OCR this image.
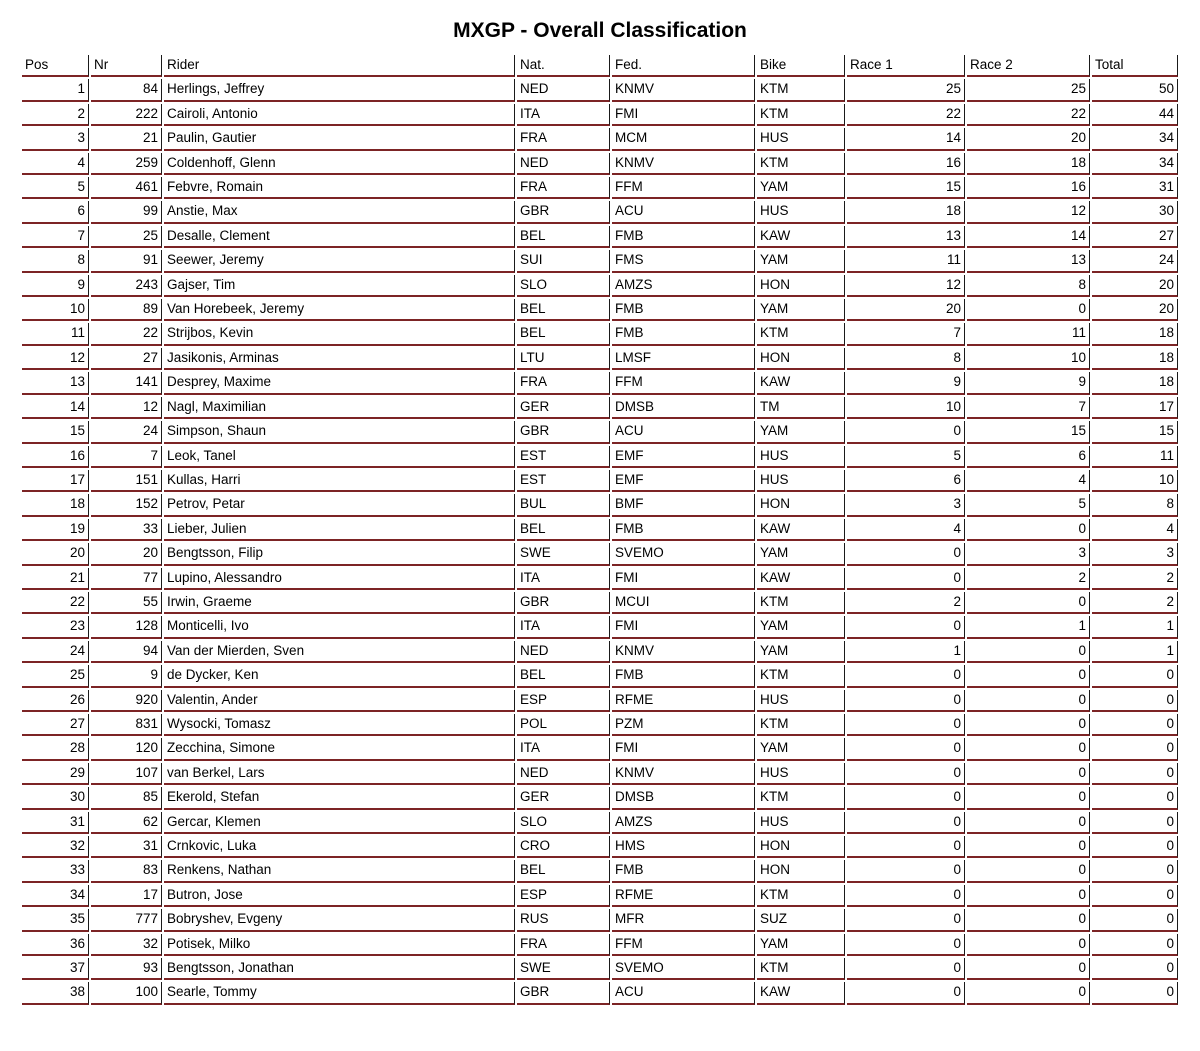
MXGP - Overall Classification
Pos	Nr	Rider	Nat.	Fed.	Bike	Race 1	Race 2	Total
1	84	Herlings, Jeffrey	NED	KNMV	KTM	25	25	50
2	222	Cairoli, Antonio	ITA	FMI	KTM	22	22	44
3	21	Paulin, Gautier	FRA	MCM	HUS	14	20	34
4	259	Coldenhoff, Glenn	NED	KNMV	KTM	16	18	34
5	461	Febvre, Romain	FRA	FFM	YAM	15	16	31
6	99	Anstie, Max	GBR	ACU	HUS	18	12	30
7	25	Desalle, Clement	BEL	FMB	KAW	13	14	27
8	91	Seewer, Jeremy	SUI	FMS	YAM	11	13	24
9	243	Gajser, Tim	SLO	AMZS	HON	12	8	20
10	89	Van Horebeek, Jeremy	BEL	FMB	YAM	20	0	20
11	22	Strijbos, Kevin	BEL	FMB	KTM	7	11	18
12	27	Jasikonis, Arminas	LTU	LMSF	HON	8	10	18
13	141	Desprey, Maxime	FRA	FFM	KAW	9	9	18
14	12	Nagl, Maximilian	GER	DMSB	TM	10	7	17
15	24	Simpson, Shaun	GBR	ACU	YAM	0	15	15
16	7	Leok, Tanel	EST	EMF	HUS	5	6	11
17	151	Kullas, Harri	EST	EMF	HUS	6	4	10
18	152	Petrov, Petar	BUL	BMF	HON	3	5	8
19	33	Lieber, Julien	BEL	FMB	KAW	4	0	4
20	20	Bengtsson, Filip	SWE	SVEMO	YAM	0	3	3
21	77	Lupino, Alessandro	ITA	FMI	KAW	0	2	2
22	55	Irwin, Graeme	GBR	MCUI	KTM	2	0	2
23	128	Monticelli, Ivo	ITA	FMI	YAM	0	1	1
24	94	Van der Mierden, Sven	NED	KNMV	YAM	1	0	1
25	9	de Dycker, Ken	BEL	FMB	KTM	0	0	0
26	920	Valentin, Ander	ESP	RFME	HUS	0	0	0
27	831	Wysocki, Tomasz	POL	PZM	KTM	0	0	0
28	120	Zecchina, Simone	ITA	FMI	YAM	0	0	0
29	107	van Berkel, Lars	NED	KNMV	HUS	0	0	0
30	85	Ekerold, Stefan	GER	DMSB	KTM	0	0	0
31	62	Gercar, Klemen	SLO	AMZS	HUS	0	0	0
32	31	Crnkovic, Luka	CRO	HMS	HON	0	0	0
33	83	Renkens, Nathan	BEL	FMB	HON	0	0	0
34	17	Butron, Jose	ESP	RFME	KTM	0	0	0
35	777	Bobryshev, Evgeny	RUS	MFR	SUZ	0	0	0
36	32	Potisek, Milko	FRA	FFM	YAM	0	0	0
37	93	Bengtsson, Jonathan	SWE	SVEMO	KTM	0	0	0
38	100	Searle, Tommy	GBR	ACU	KAW	0	0	0
